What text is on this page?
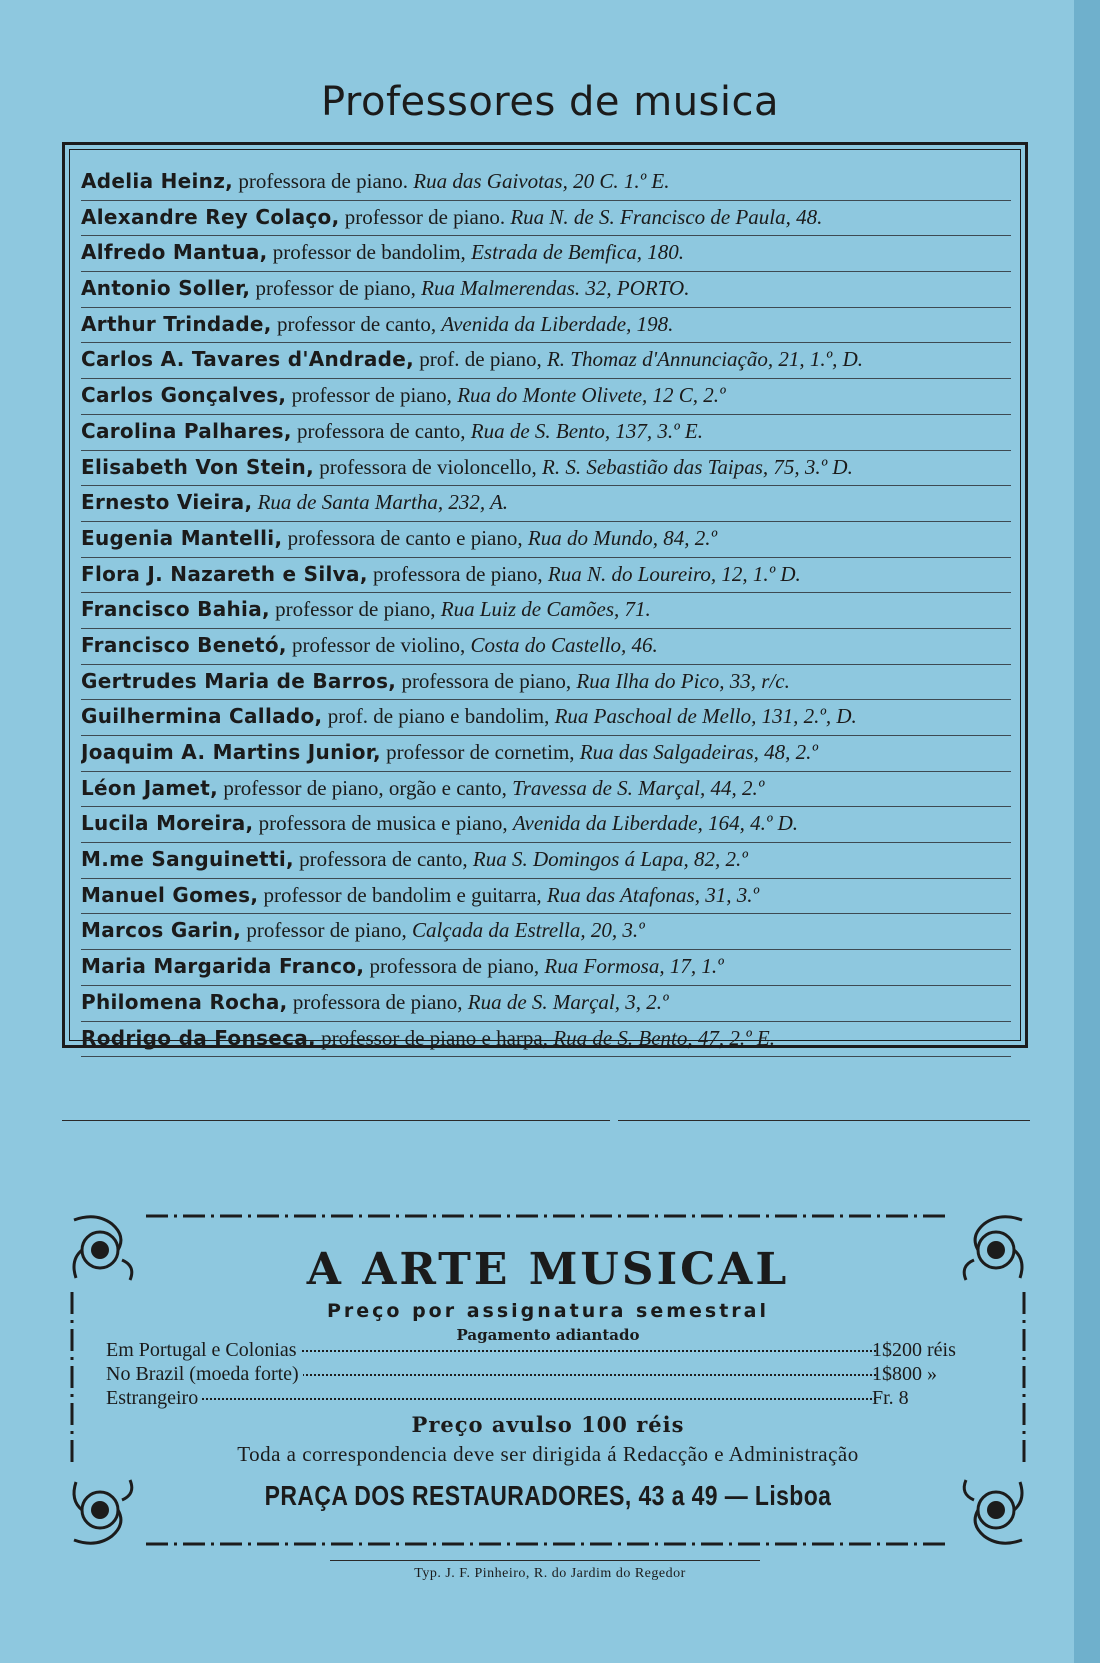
Professores de musica
Adelia Heinz, professora de piano. Rua das Gaivotas, 20 C. 1.º E.
Alexandre Rey Colaço, professor de piano. Rua N. de S. Francisco de Paula, 48.
Alfredo Mantua, professor de bandolim, Estrada de Bemfica, 180.
Antonio Soller, professor de piano, Rua Malmerendas. 32, PORTO.
Arthur Trindade, professor de canto, Avenida da Liberdade, 198.
Carlos A. Tavares d'Andrade, prof. de piano, R. Thomaz d'Annunciação, 21, 1.º, D.
Carlos Gonçalves, professor de piano, Rua do Monte Olivete, 12 C, 2.º
Carolina Palhares, professora de canto, Rua de S. Bento, 137, 3.º E.
Elisabeth Von Stein, professora de violoncello, R. S. Sebastião das Taipas, 75, 3.º D.
Ernesto Vieira, Rua de Santa Martha, 232, A.
Eugenia Mantelli, professora de canto e piano, Rua do Mundo, 84, 2.º
Flora J. Nazareth e Silva, professora de piano, Rua N. do Loureiro, 12, 1.º D.
Francisco Bahia, professor de piano, Rua Luiz de Camões, 71.
Francisco Benetó, professor de violino, Costa do Castello, 46.
Gertrudes Maria de Barros, professora de piano, Rua Ilha do Pico, 33, r/c.
Guilhermina Callado, prof. de piano e bandolim, Rua Paschoal de Mello, 131, 2.º, D.
Joaquim A. Martins Junior, professor de cornetim, Rua das Salgadeiras, 48, 2.º
Léon Jamet, professor de piano, orgão e canto, Travessa de S. Marçal, 44, 2.º
Lucila Moreira, professora de musica e piano, Avenida da Liberdade, 164, 4.º D.
M.me Sanguinetti, professora de canto, Rua S. Domingos á Lapa, 82, 2.º
Manuel Gomes, professor de bandolim e guitarra, Rua das Atafonas, 31, 3.º
Marcos Garin, professor de piano, Calçada da Estrella, 20, 3.º
Maria Margarida Franco, professora de piano, Rua Formosa, 17, 1.º
Philomena Rocha, professora de piano, Rua de S. Marçal, 3, 2.º
Rodrigo da Fonseca, professor de piano e harpa, Rua de S. Bento, 47, 2.º E.
A ARTE MUSICAL
Preço por assignatura semestral
Pagamento adiantado
Em Portugal e Colonias	1$200 réis
No Brazil (moeda forte)	1$800 »
Estrangeiro	Fr. 8
Preço avulso 100 réis
Toda a correspondencia deve ser dirigida á Redacção e Administração
PRAÇA DOS RESTAURADORES, 43 a 49 — Lisboa
Typ. J. F. Pinheiro, R. do Jardim do Regedor
